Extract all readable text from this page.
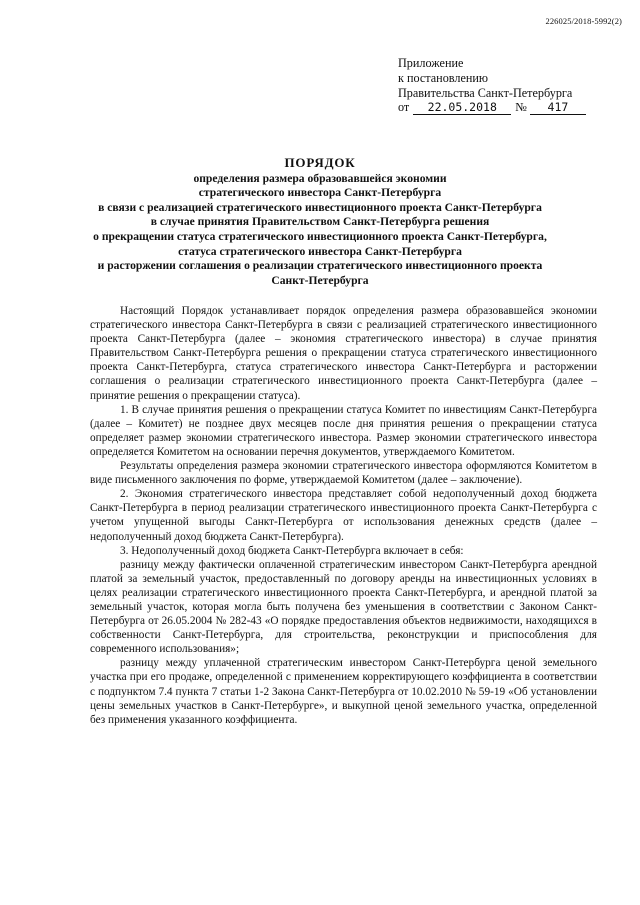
226025/2018-5992(2)
Приложение
к постановлению
Правительства Санкт-Петербурга
от 22.05.2018 № 417
ПОРЯДОК
определения размера образовавшейся экономии
стратегического инвестора Санкт-Петербурга
в связи с реализацией стратегического инвестиционного проекта Санкт-Петербурга
в случае принятия Правительством Санкт-Петербурга решения
о прекращении статуса стратегического инвестиционного проекта Санкт-Петербурга,
статуса стратегического инвестора Санкт-Петербурга
и расторжении соглашения о реализации стратегического инвестиционного проекта
Санкт-Петербурга

Настоящий Порядок устанавливает порядок определения размера образовавшейся экономии стратегического инвестора Санкт-Петербурга в связи с реализацией стратегического инвестиционного проекта Санкт-Петербурга (далее – экономия стратегического инвестора) в случае принятия Правительством Санкт-Петербурга решения о прекращении статуса стратегического инвестиционного проекта Санкт-Петербурга, статуса стратегического инвестора Санкт-Петербурга и расторжении соглашения о реализации стратегического инвестиционного проекта Санкт-Петербурга (далее – принятие решения о прекращении статуса).

1. В случае принятия решения о прекращении статуса Комитет по инвестициям Санкт-Петербурга (далее – Комитет) не позднее двух месяцев после дня принятия решения о прекращении статуса определяет размер экономии стратегического инвестора. Размер экономии стратегического инвестора определяется Комитетом на основании перечня документов, утверждаемого Комитетом.

Результаты определения размера экономии стратегического инвестора оформляются Комитетом в виде письменного заключения по форме, утверждаемой Комитетом (далее – заключение).

2. Экономия стратегического инвестора представляет собой недополученный доход бюджета Санкт-Петербурга в период реализации стратегического инвестиционного проекта Санкт-Петербурга с учетом упущенной выгоды Санкт-Петербурга от использования денежных средств (далее – недополученный доход бюджета Санкт-Петербурга).

3. Недополученный доход бюджета Санкт-Петербурга включает в себя:

разницу между фактически оплаченной стратегическим инвестором Санкт-Петербурга арендной платой за земельный участок, предоставленный по договору аренды на инвестиционных условиях в целях реализации стратегического инвестиционного проекта Санкт-Петербурга, и арендной платой за земельный участок, которая могла быть получена без уменьшения в соответствии с Законом Санкт-Петербурга от 26.05.2004 № 282-43 «О порядке предоставления объектов недвижимости, находящихся в собственности Санкт-Петербурга, для строительства, реконструкции и приспособления для современного использования»;

разницу между уплаченной стратегическим инвестором Санкт-Петербурга ценой земельного участка при его продаже, определенной с применением корректирующего коэффициента в соответствии с подпунктом 7.4 пункта 7 статьи 1-2 Закона Санкт-Петербурга от 10.02.2010 № 59-19 «Об установлении цены земельных участков в Санкт-Петербурге», и выкупной ценой земельного участка, определенной без применения указанного коэффициента.
